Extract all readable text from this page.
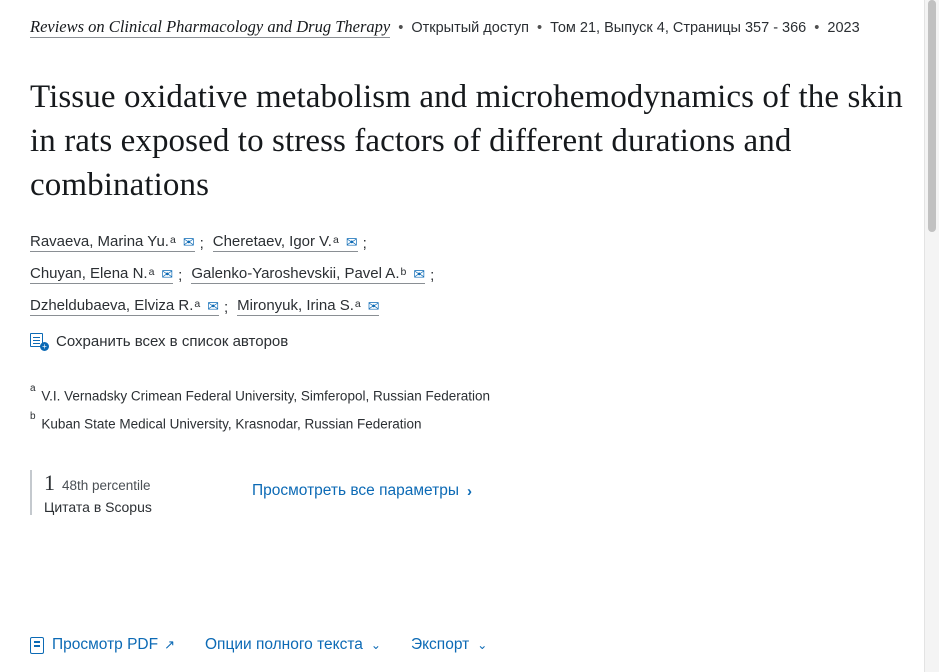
Reviews on Clinical Pharmacology and Drug Therapy • Открытый доступ • Том 21, Выпуск 4, Страницы 357 - 366 • 2023
Tissue oxidative metabolism and microhemodynamics of the skin in rats exposed to stress factors of different durations and combinations
Ravaeva, Marina Yu. a ✉ ; Cheretaev, Igor V. a ✉ ;
Chuyan, Elena N. a ✉ ; Galenko-Yaroshevskii, Pavel A. b ✉ ;
Dzheldubaeva, Elviza R. a ✉ ; Mironyuk, Irina S. a ✉
+ Сохранить всех в список авторов
$^a$ V.I. Vernadsky Crimean Federal University, Simferopol, Russian Federation
$^b$ Kuban State Medical University, Krasnodar, Russian Federation
1 48th percentile
Цитата в Scopus
Просмотреть все параметры ›
Просмотр PDF ↗ Опции полного текста ⌄ Экспорт ⌄
